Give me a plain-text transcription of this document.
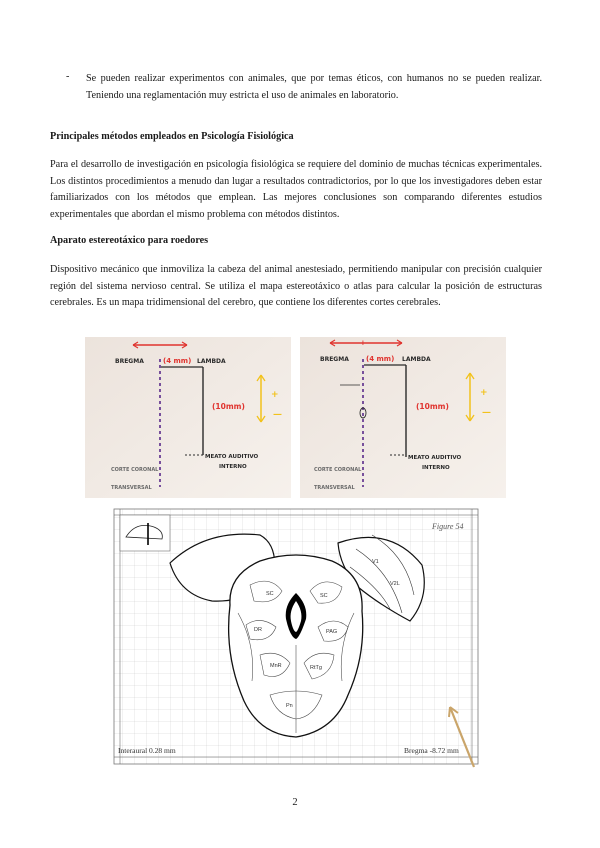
- Se pueden realizar experimentos con animales, que por temas éticos, con humanos no se pueden realizar. Teniendo una reglamentación muy estricta el uso de animales en laboratorio.
Principales métodos empleados en Psicología Fisiológica
Para el desarrollo de investigación en psicología fisiológica se requiere del dominio de muchas técnicas experimentales. Los distintos procedimientos a menudo dan lugar a resultados contradictorios, por lo que los investigadores deben estar familiarizados con los métodos que emplean. Las mejores conclusiones son comparando diferentes estudios experimentales que abordan el mismo problema con métodos distintos.
Aparato estereotáxico para roedores
Dispositivo mecánico que inmoviliza la cabeza del animal anestesiado, permitiendo manipular con precisión cualquier región del sistema nervioso central. Se utiliza el mapa estereotáxico o atlas para calcular la posición de estructuras cerebrales. Es un mapa tridimensional del cerebro, que contiene los diferentes cortes cerebrales.
+
—
BREGMA	LAMBDA
(4 mm)
(10mm)
MEATO AUDITIVO
INTERNO
CORTE CORONAL
TRANSVERSAL
+
+
—
BREGMA	LAMBDA
(4 mm)
(10mm)
MEATO AUDITIVO
INTERNO
CORTE CORONAL
TRANSVERSAL
SC	SC
DR	PAG
MnR	RtTg
Pn
V1
V2L
Figure 54
Interaural 0.28 mm	Bregma -8.72 mm
2
